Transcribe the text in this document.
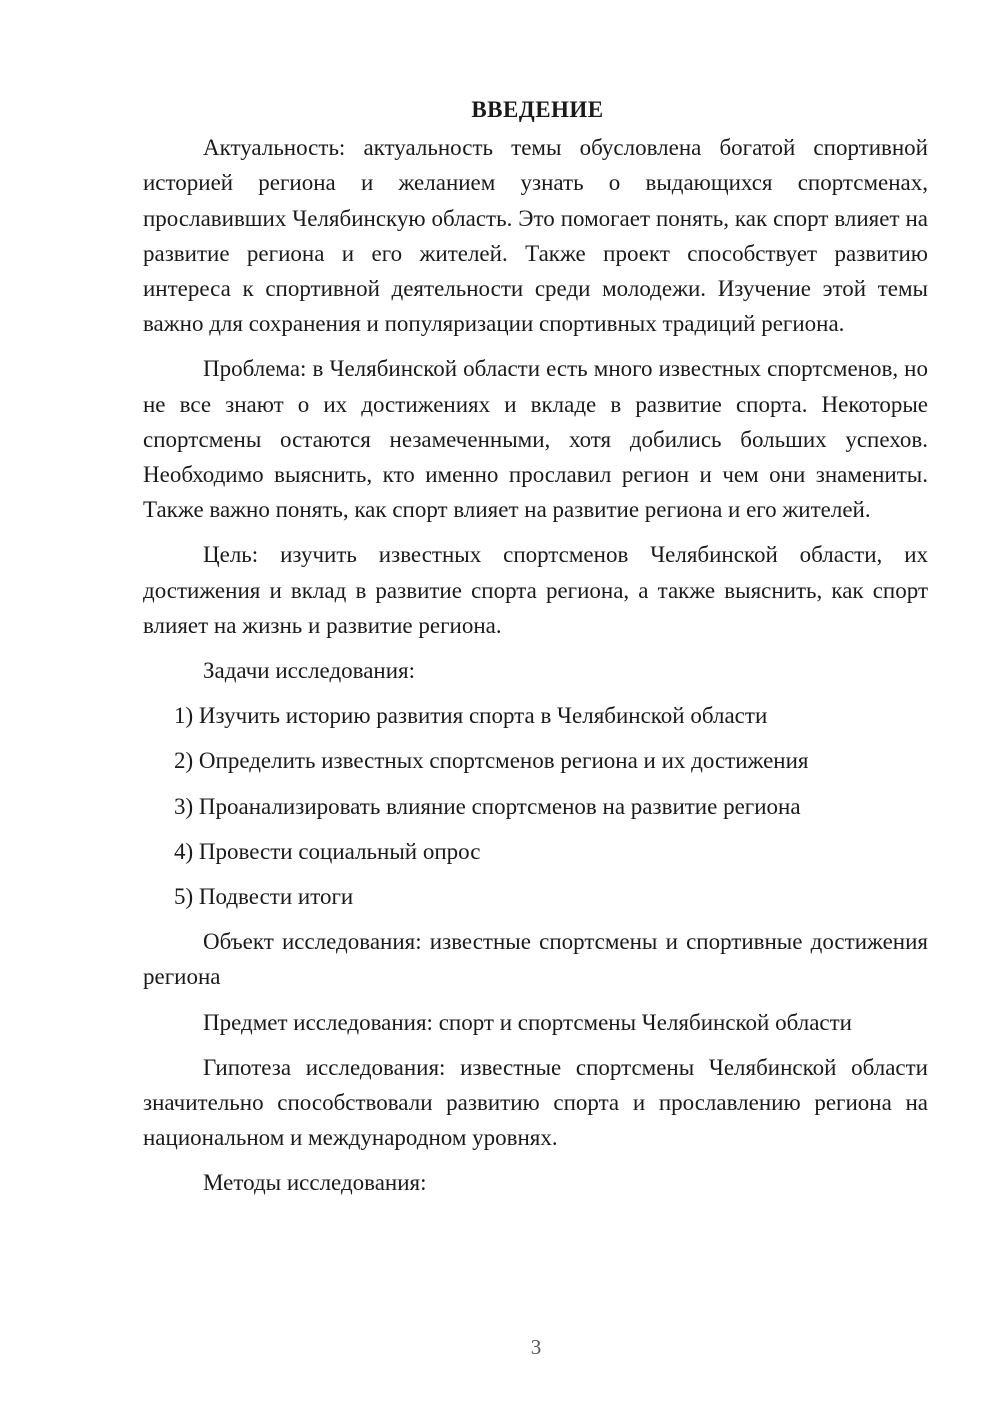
ВВЕДЕНИЕ

Актуальность: актуальность темы обусловлена богатой спортивной историей региона и желанием узнать о выдающихся спортсменах, прославивших Челябинскую область. Это помогает понять, как спорт влияет на развитие региона и его жителей. Также проект способствует развитию интереса к спортивной деятельности среди молодежи. Изучение этой темы важно для сохранения и популяризации спортивных традиций региона.

Проблема: в Челябинской области есть много известных спортсменов, но не все знают о их достижениях и вкладе в развитие спорта. Некоторые спортсмены остаются незамеченными, хотя добились больших успехов. Необходимо выяснить, кто именно прославил регион и чем они знамениты. Также важно понять, как спорт влияет на развитие региона и его жителей.

Цель: изучить известных спортсменов Челябинской области, их достижения и вклад в развитие спорта региона, а также выяснить, как спорт влияет на жизнь и развитие региона.

Задачи исследования:

1) Изучить историю развития спорта в Челябинской области
2) Определить известных спортсменов региона и их достижения
3) Проанализировать влияние спортсменов на развитие региона
4) Провести социальный опрос
5) Подвести итоги

Объект исследования: известные спортсмены и спортивные достижения региона

Предмет исследования: спорт и спортсмены Челябинской области

Гипотеза исследования: известные спортсмены Челябинской области значительно способствовали развитию спорта и прославлению региона на национальном и международном уровнях.

Методы исследования:

3
